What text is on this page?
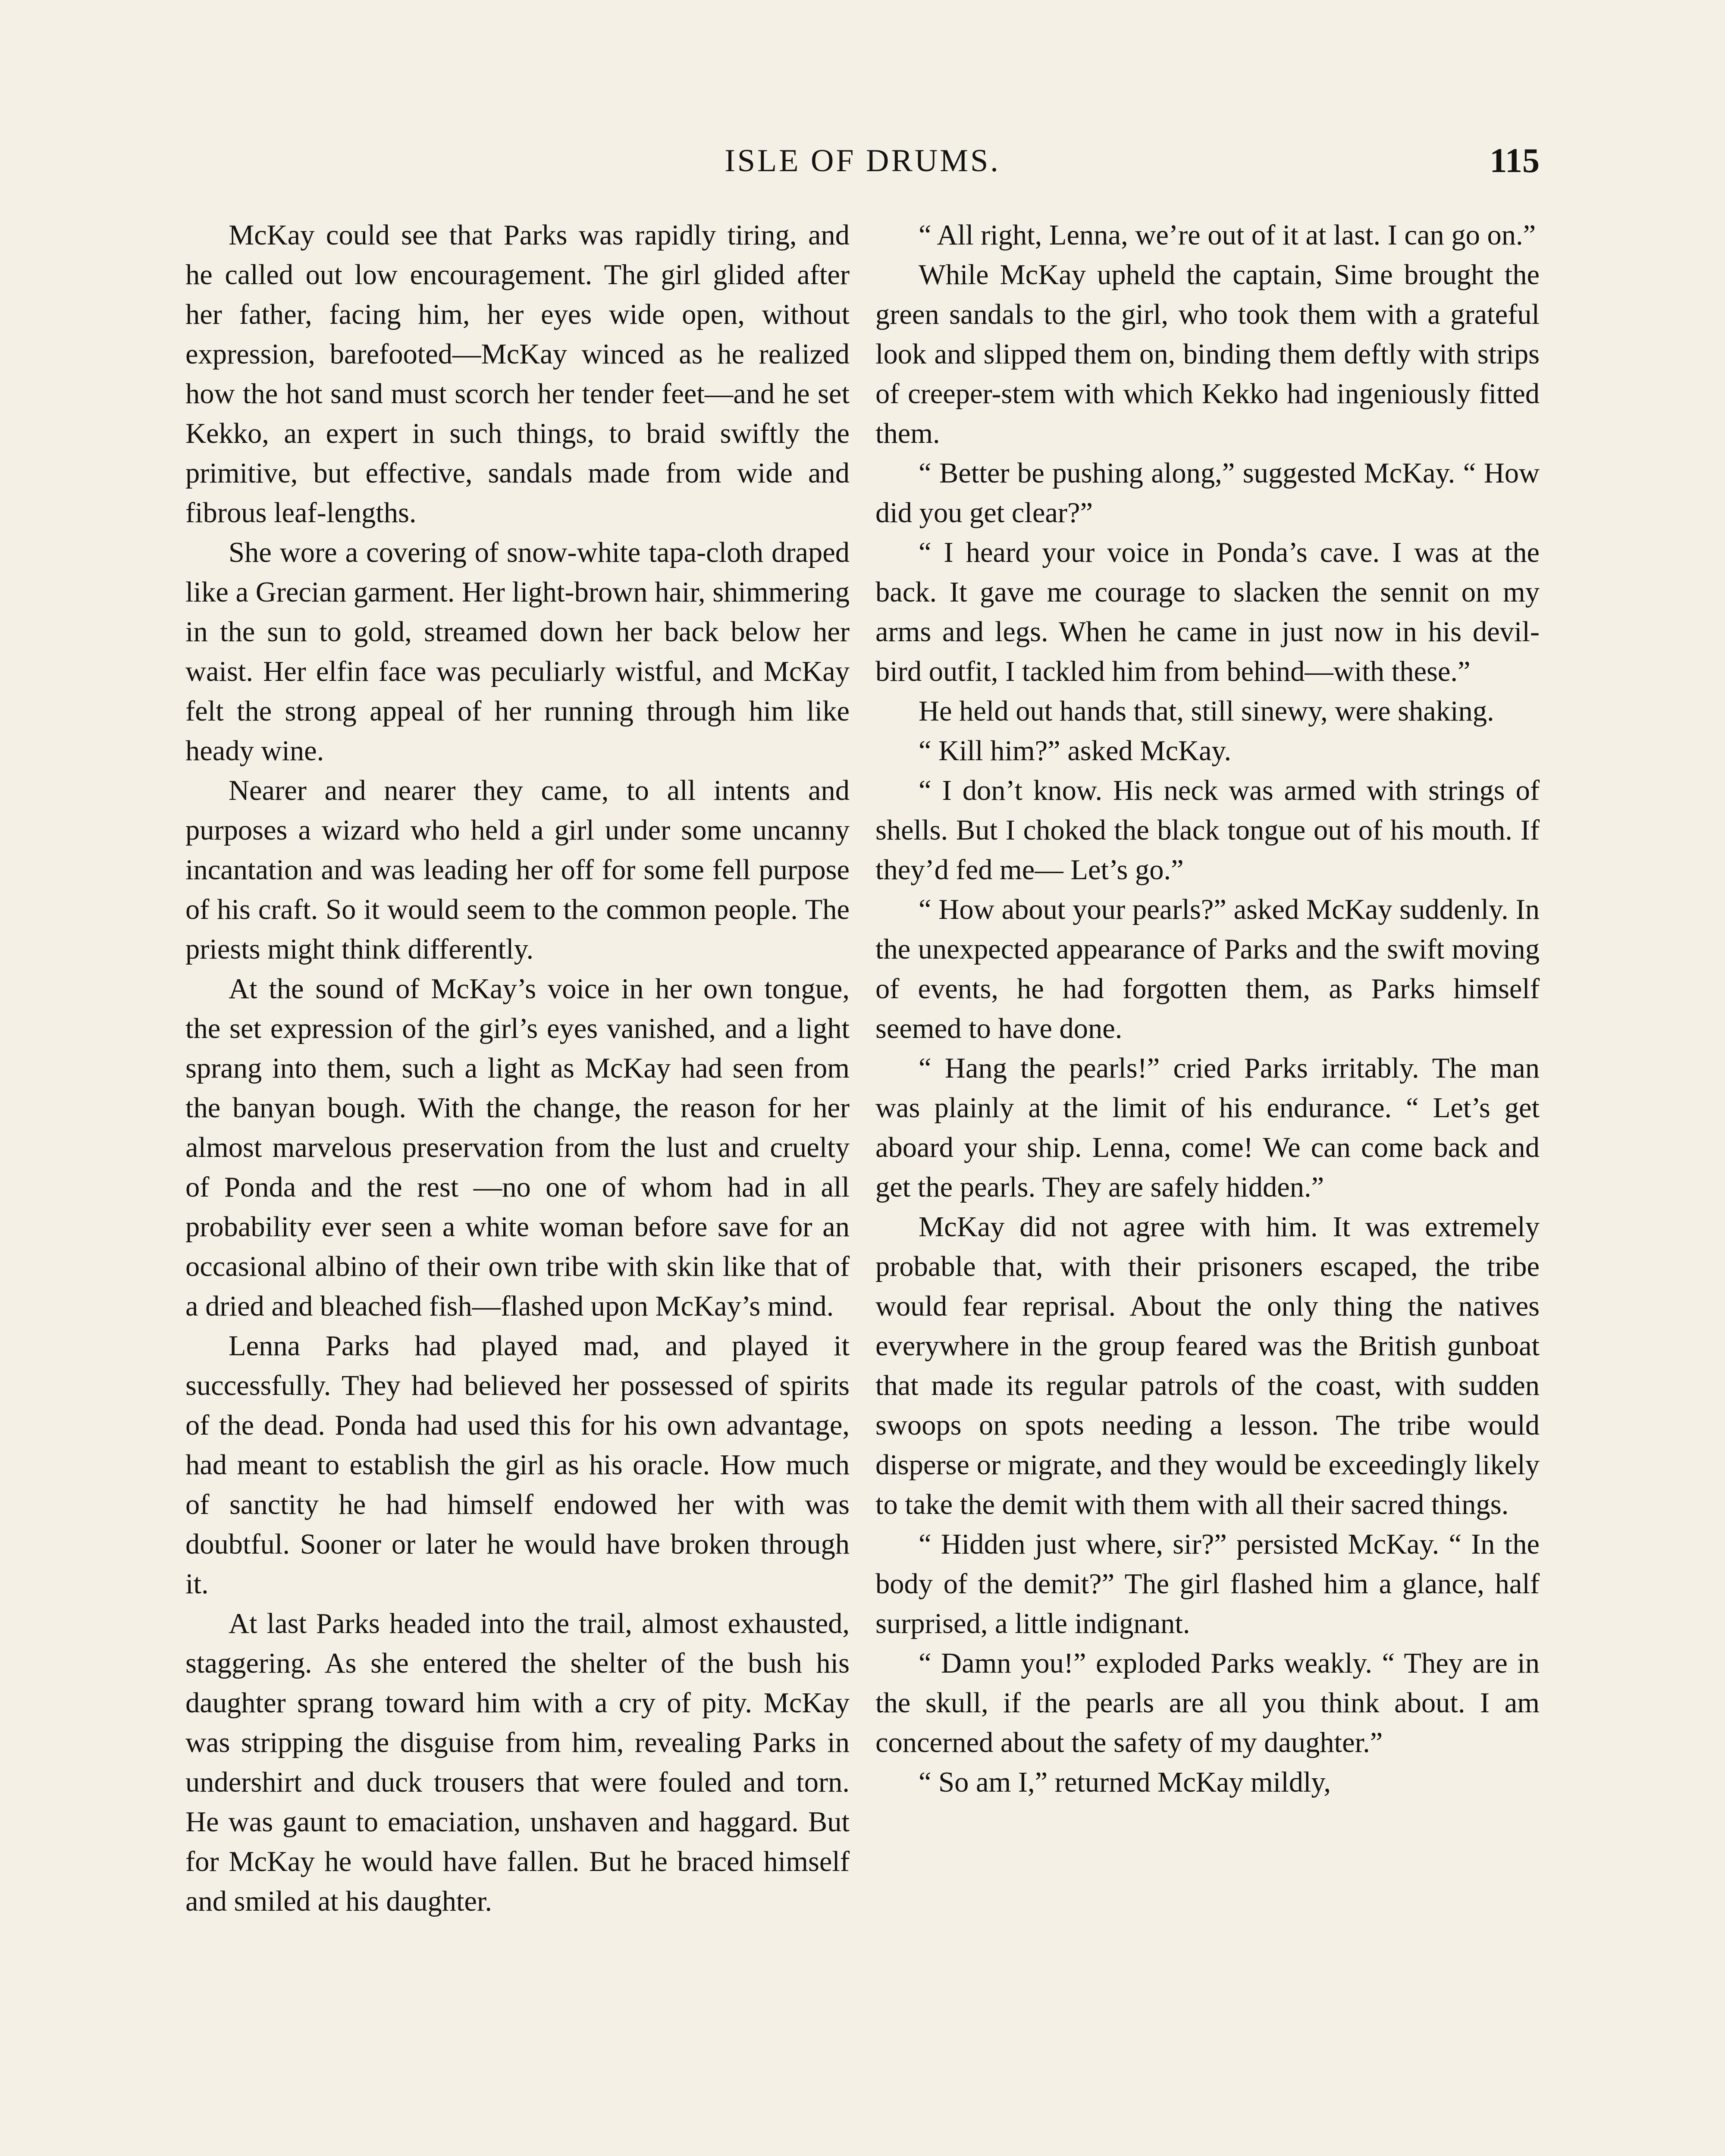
ISLE OF DRUMS.	115

McKay could see that Parks was rapidly tiring, and he called out low encouragement. The girl glided after her father, facing him, her eyes wide open, without expression, barefooted—McKay winced as he realized how the hot sand must scorch her tender feet—and he set Kekko, an expert in such things, to braid swiftly the primitive, but effective, sandals made from wide and fibrous leaf-lengths.

She wore a covering of snow-white tapa-cloth draped like a Grecian garment. Her light-brown hair, shimmering in the sun to gold, streamed down her back below her waist. Her elfin face was peculiarly wistful, and McKay felt the strong appeal of her running through him like heady wine.

Nearer and nearer they came, to all intents and purposes a wizard who held a girl under some uncanny incantation and was leading her off for some fell purpose of his craft. So it would seem to the common people. The priests might think differently.

At the sound of McKay’s voice in her own tongue, the set expression of the girl’s eyes vanished, and a light sprang into them, such a light as McKay had seen from the banyan bough. With the change, the reason for her almost marvelous preservation from the lust and cruelty of Ponda and the rest —no one of whom had in all probability ever seen a white woman before save for an occasional albino of their own tribe with skin like that of a dried and bleached fish—flashed upon McKay’s mind.

Lenna Parks had played mad, and played it successfully. They had believed her possessed of spirits of the dead. Ponda had used this for his own advantage, had meant to establish the girl as his oracle. How much of sanctity he had himself endowed her with was doubtful. Sooner or later he would have broken through it.

At last Parks headed into the trail, almost exhausted, staggering. As she entered the shelter of the bush his daughter sprang toward him with a cry of pity. McKay was stripping the disguise from him, revealing Parks in undershirt and duck trousers that were fouled and torn. He was gaunt to emaciation, unshaven and haggard. But for McKay he would have fallen. But he braced himself and smiled at his daughter.

“ All right, Lenna, we’re out of it at last. I can go on.”

While McKay upheld the captain, Sime brought the green sandals to the girl, who took them with a grateful look and slipped them on, binding them deftly with strips of creeper-stem with which Kekko had ingeniously fitted them.

“ Better be pushing along,” suggested McKay. “ How did you get clear?”

“ I heard your voice in Ponda’s cave. I was at the back. It gave me courage to slacken the sennit on my arms and legs. When he came in just now in his devil-bird outfit, I tackled him from behind—with these.”

He held out hands that, still sinewy, were shaking.

“ Kill him?” asked McKay.

“ I don’t know. His neck was armed with strings of shells. But I choked the black tongue out of his mouth. If they’d fed me— Let’s go.”

“ How about your pearls?” asked McKay suddenly. In the unexpected appearance of Parks and the swift moving of events, he had forgotten them, as Parks himself seemed to have done.

“ Hang the pearls!” cried Parks irritably. The man was plainly at the limit of his endurance. “ Let’s get aboard your ship. Lenna, come! We can come back and get the pearls. They are safely hidden.”

McKay did not agree with him. It was extremely probable that, with their prisoners escaped, the tribe would fear reprisal. About the only thing the natives everywhere in the group feared was the British gunboat that made its regular patrols of the coast, with sudden swoops on spots needing a lesson. The tribe would disperse or migrate, and they would be exceedingly likely to take the demit with them with all their sacred things.

“ Hidden just where, sir?” persisted McKay. “ In the body of the demit?” The girl flashed him a glance, half surprised, a little indignant.

“ Damn you!” exploded Parks weakly. “ They are in the skull, if the pearls are all you think about. I am concerned about the safety of my daughter.”

“ So am I,” returned McKay mildly,
